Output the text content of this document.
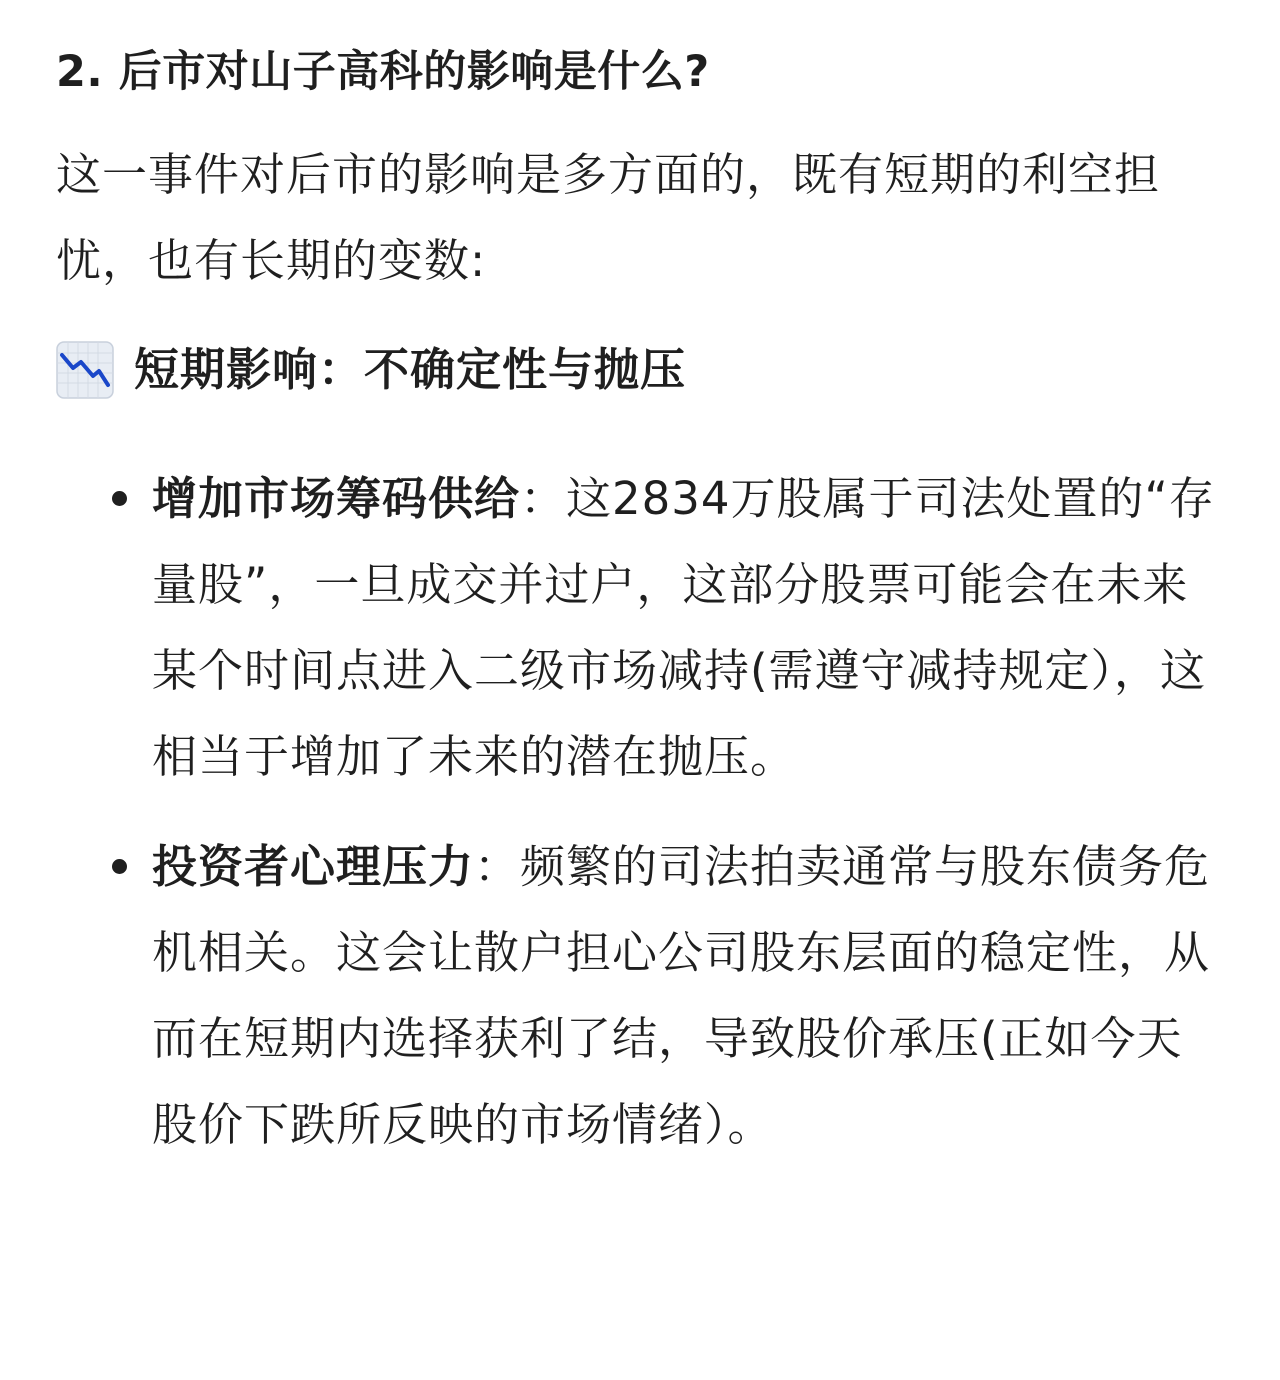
2. 后市对山子高科的影响是什么?

这一事件对后市的影响是多方面的，既有短期的利空担忧，也有长期的变数:

短期影响：不确定性与抛压
增加市场筹码供给：这2834万股属于司法处置的“存量股”，一旦成交并过户，这部分股票可能会在未来某个时间点进入二级市场减持(需遵守减持规定），这相当于增加了未来的潜在抛压。
投资者心理压力：频繁的司法拍卖通常与股东债务危机相关。这会让散户担心公司股东层面的稳定性，从而在短期内选择获利了结，导致股价承压(正如今天股价下跌所反映的市场情绪）。
